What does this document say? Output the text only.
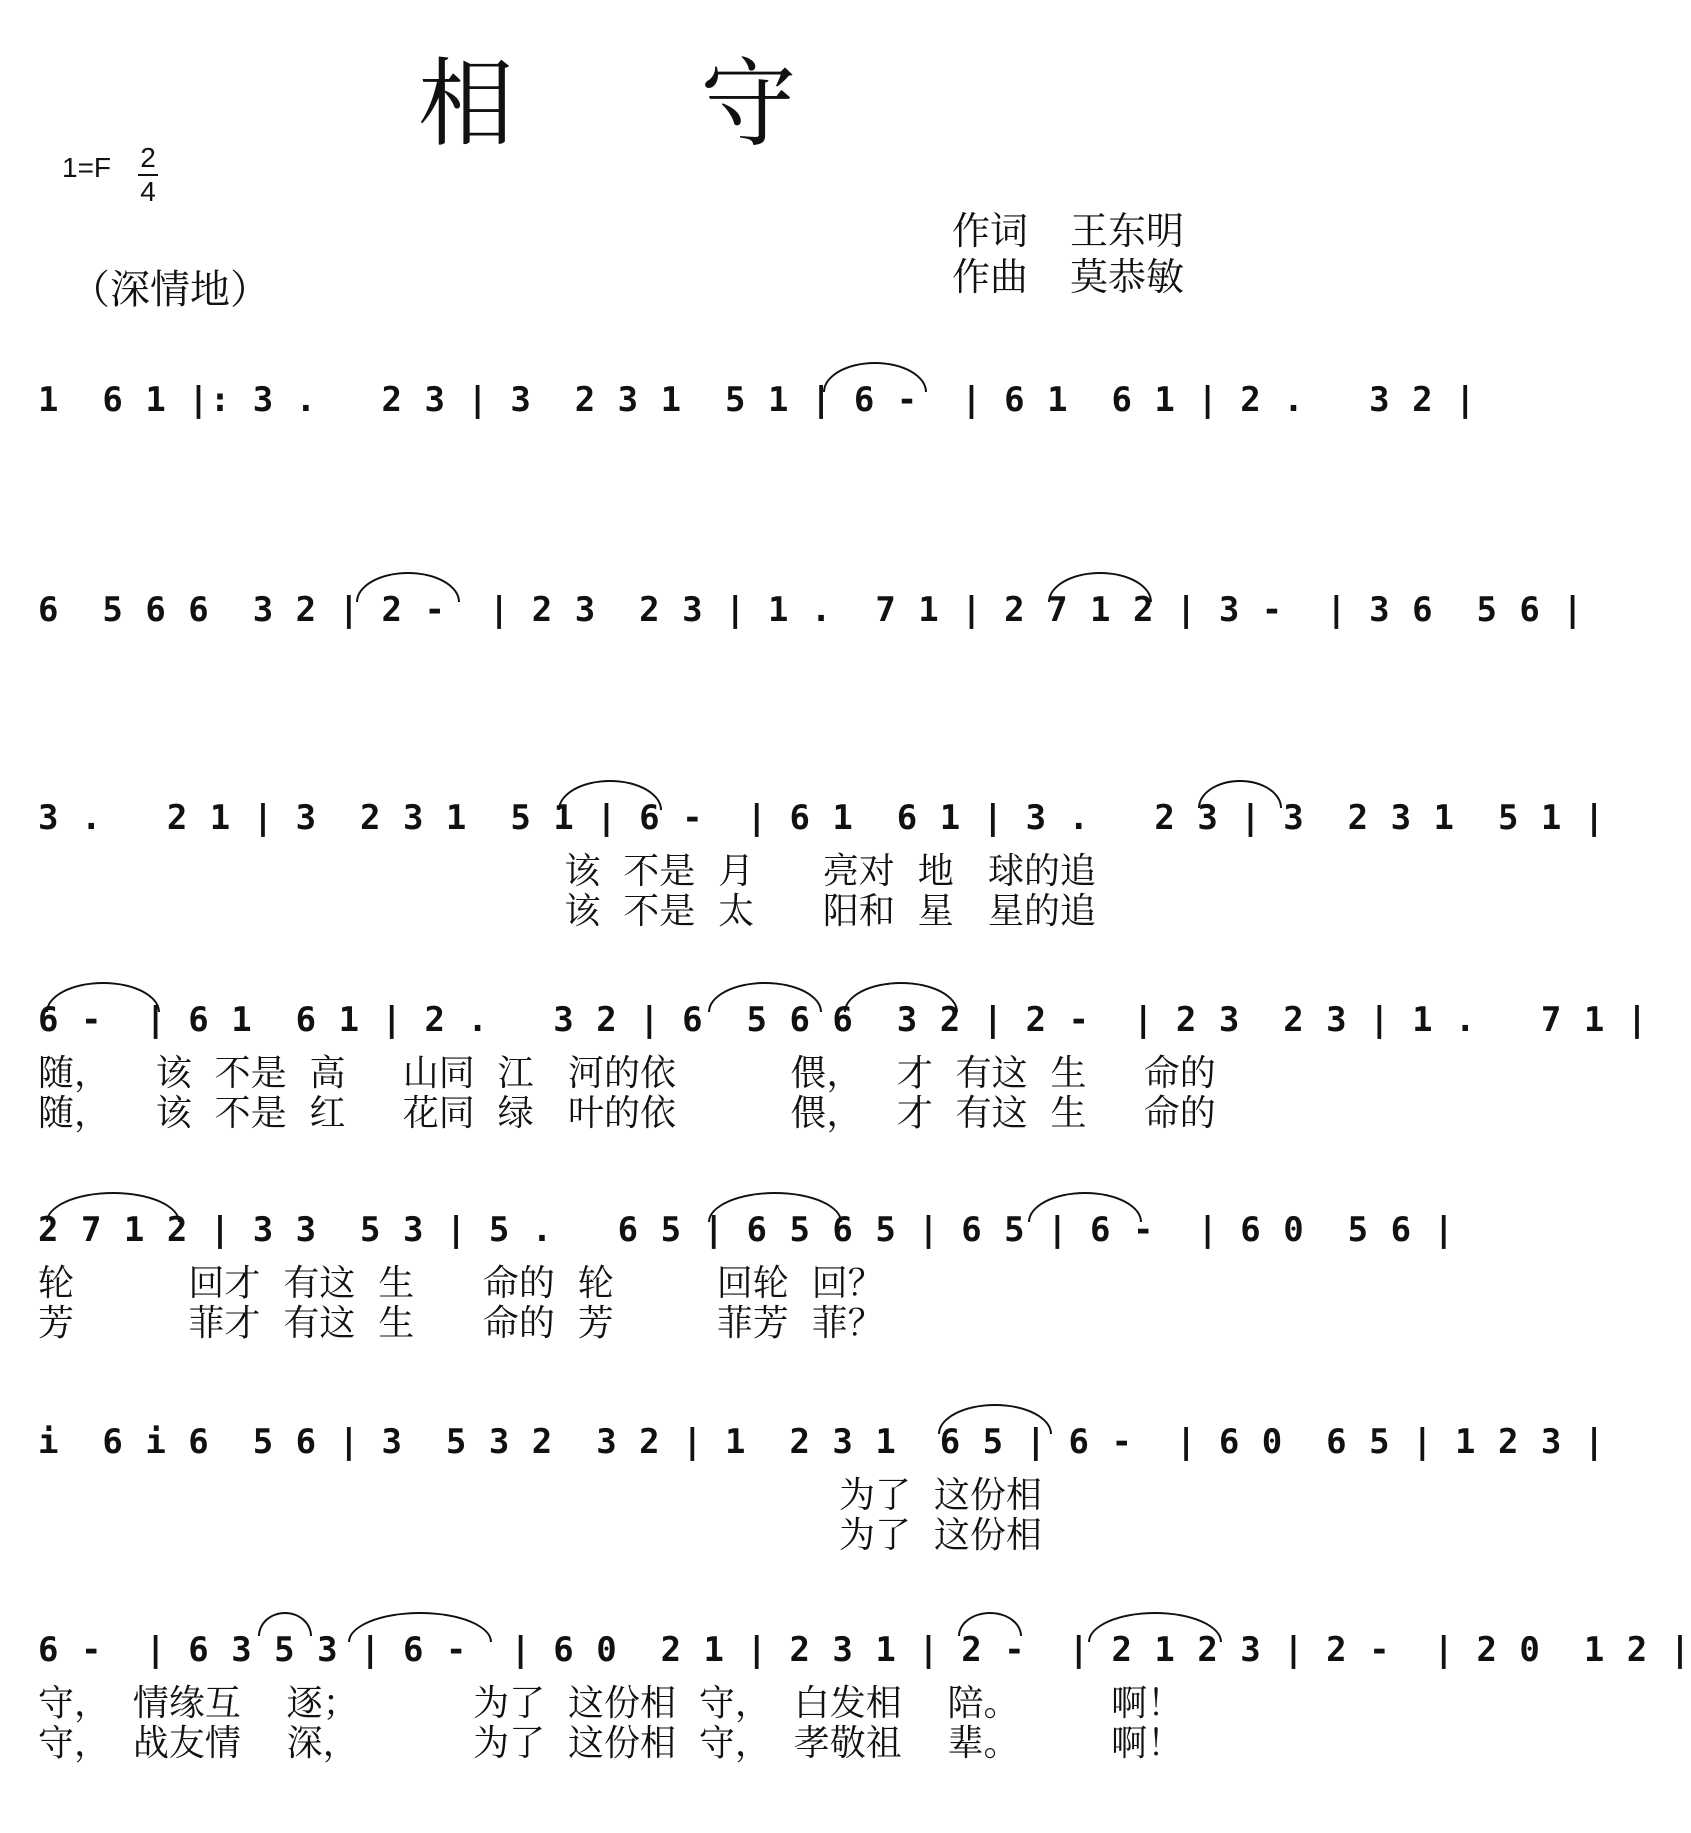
相 守
1=F 2
4
作词 王东明
作曲 莫恭敏
（深情地）
1  6 1 |: 3 .   2 3 | 3  2 3 1  5 1 | 6 -  | 6 1  6 1 | 2 .   3 2 |
6  5 6 6  3 2 | 2 -  | 2 3  2 3 | 1 .  7 1 | 2 7 1 2 | 3 -  | 3 6  5 6 |
3 .   2 1 | 3  2 3 1  5 1 | 6 -  | 6 1  6 1 | 3 .   2 3 | 3  2 3 1  5 1 |
该  不是  月      亮对  地   球的追
该  不是  太      阳和  星   星的追
6 -  | 6 1  6 1 | 2 .   3 2 | 6  5 6 6  3 2 | 2 -  | 2 3  2 3 | 1 .   7 1 |
随，    该  不是  高     山同  江   河的依          偎，   才  有这  生     命的
随，    该  不是  红     花同  绿   叶的依          偎，   才  有这  生     命的
2 7 1 2 | 3 3  5 3 | 5 .   6 5 | 6 5 6 5 | 6 5 | 6 -  | 6 0  5 6 |
轮          回才  有这  生      命的  轮         回轮  回？
芳          菲才  有这  生      命的  芳         菲芳  菲？
i  6 i 6  5 6 | 3  5 3 2  3 2 | 1  2 3 1  6 5 | 6 -  | 6 0  6 5 | 1 2 3 |
为了  这份相
为了  这份相
6 -  | 6 3 5 3 | 6 -  | 6 0  2 1 | 2 3 1 | 2 -  | 2 1 2 3 | 2 -  | 2 0  1 2 |
守，  情缘互    逐；          为了  这份相  守，  白发相    陪。        啊！
守，  战友情    深，          为了  这份相  守，  孝敬祖    辈。        啊！
